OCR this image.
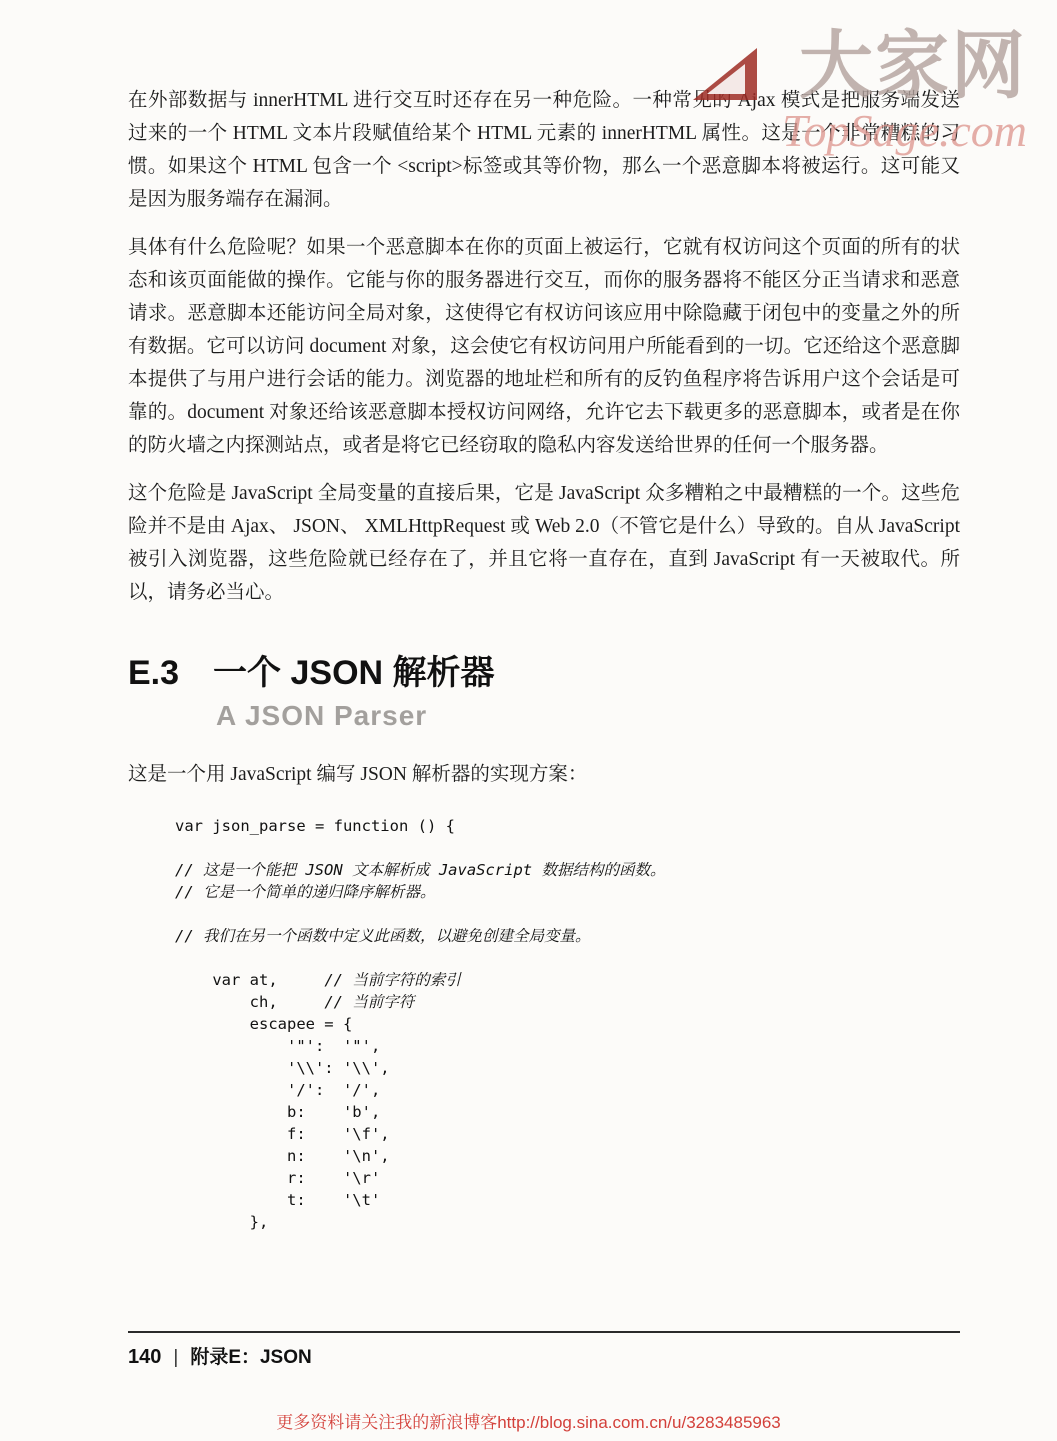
大家网
TopSage.com

在外部数据与 innerHTML 进行交互时还存在另一种危险。一种常见的 Ajax 模式是把服务端发送过来的一个 HTML 文本片段赋值给某个 HTML 元素的 innerHTML 属性。这是一个非常糟糕的习惯。如果这个 HTML 包含一个 <script>标签或其等价物，那么一个恶意脚本将被运行。这可能又是因为服务端存在漏洞。

具体有什么危险呢？如果一个恶意脚本在你的页面上被运行，它就有权访问这个页面的所有的状态和该页面能做的操作。它能与你的服务器进行交互，而你的服务器将不能区分正当请求和恶意请求。恶意脚本还能访问全局对象，这使得它有权访问该应用中除隐藏于闭包中的变量之外的所有数据。它可以访问 document 对象，这会使它有权访问用户所能看到的一切。它还给这个恶意脚本提供了与用户进行会话的能力。浏览器的地址栏和所有的反钓鱼程序将告诉用户这个会话是可靠的。document 对象还给该恶意脚本授权访问网络，允许它去下载更多的恶意脚本，或者是在你的防火墙之内探测站点，或者是将它已经窃取的隐私内容发送给世界的任何一个服务器。

这个危险是 JavaScript 全局变量的直接后果，它是 JavaScript 众多糟粕之中最糟糕的一个。这些危险并不是由 Ajax、 JSON、 XMLHttpRequest 或 Web 2.0（不管它是什么）导致的。自从 JavaScript 被引入浏览器，这些危险就已经存在了，并且它将一直存在，直到 JavaScript 有一天被取代。所以，请务必当心。

E.3 一个 JSON 解析器
A JSON Parser

这是一个用 JavaScript 编写 JSON 解析器的实现方案：

var json_parse = function () {

// 这是一个能把 JSON 文本解析成 JavaScript 数据结构的函数。
// 它是一个简单的递归降序解析器。

// 我们在另一个函数中定义此函数，以避免创建全局变量。

var at,     // 当前字符的索引
ch,     // 当前字符
escapee = {
'"':  '"',
'\\': '\\',
'/':  '/',
b:    'b',
f:    '\f',
n:    '\n',
r:    '\r'
t:    '\t'
},
140 | 附录E：JSON
更多资料请关注我的新浪博客http://blog.sina.com.cn/u/3283485963
